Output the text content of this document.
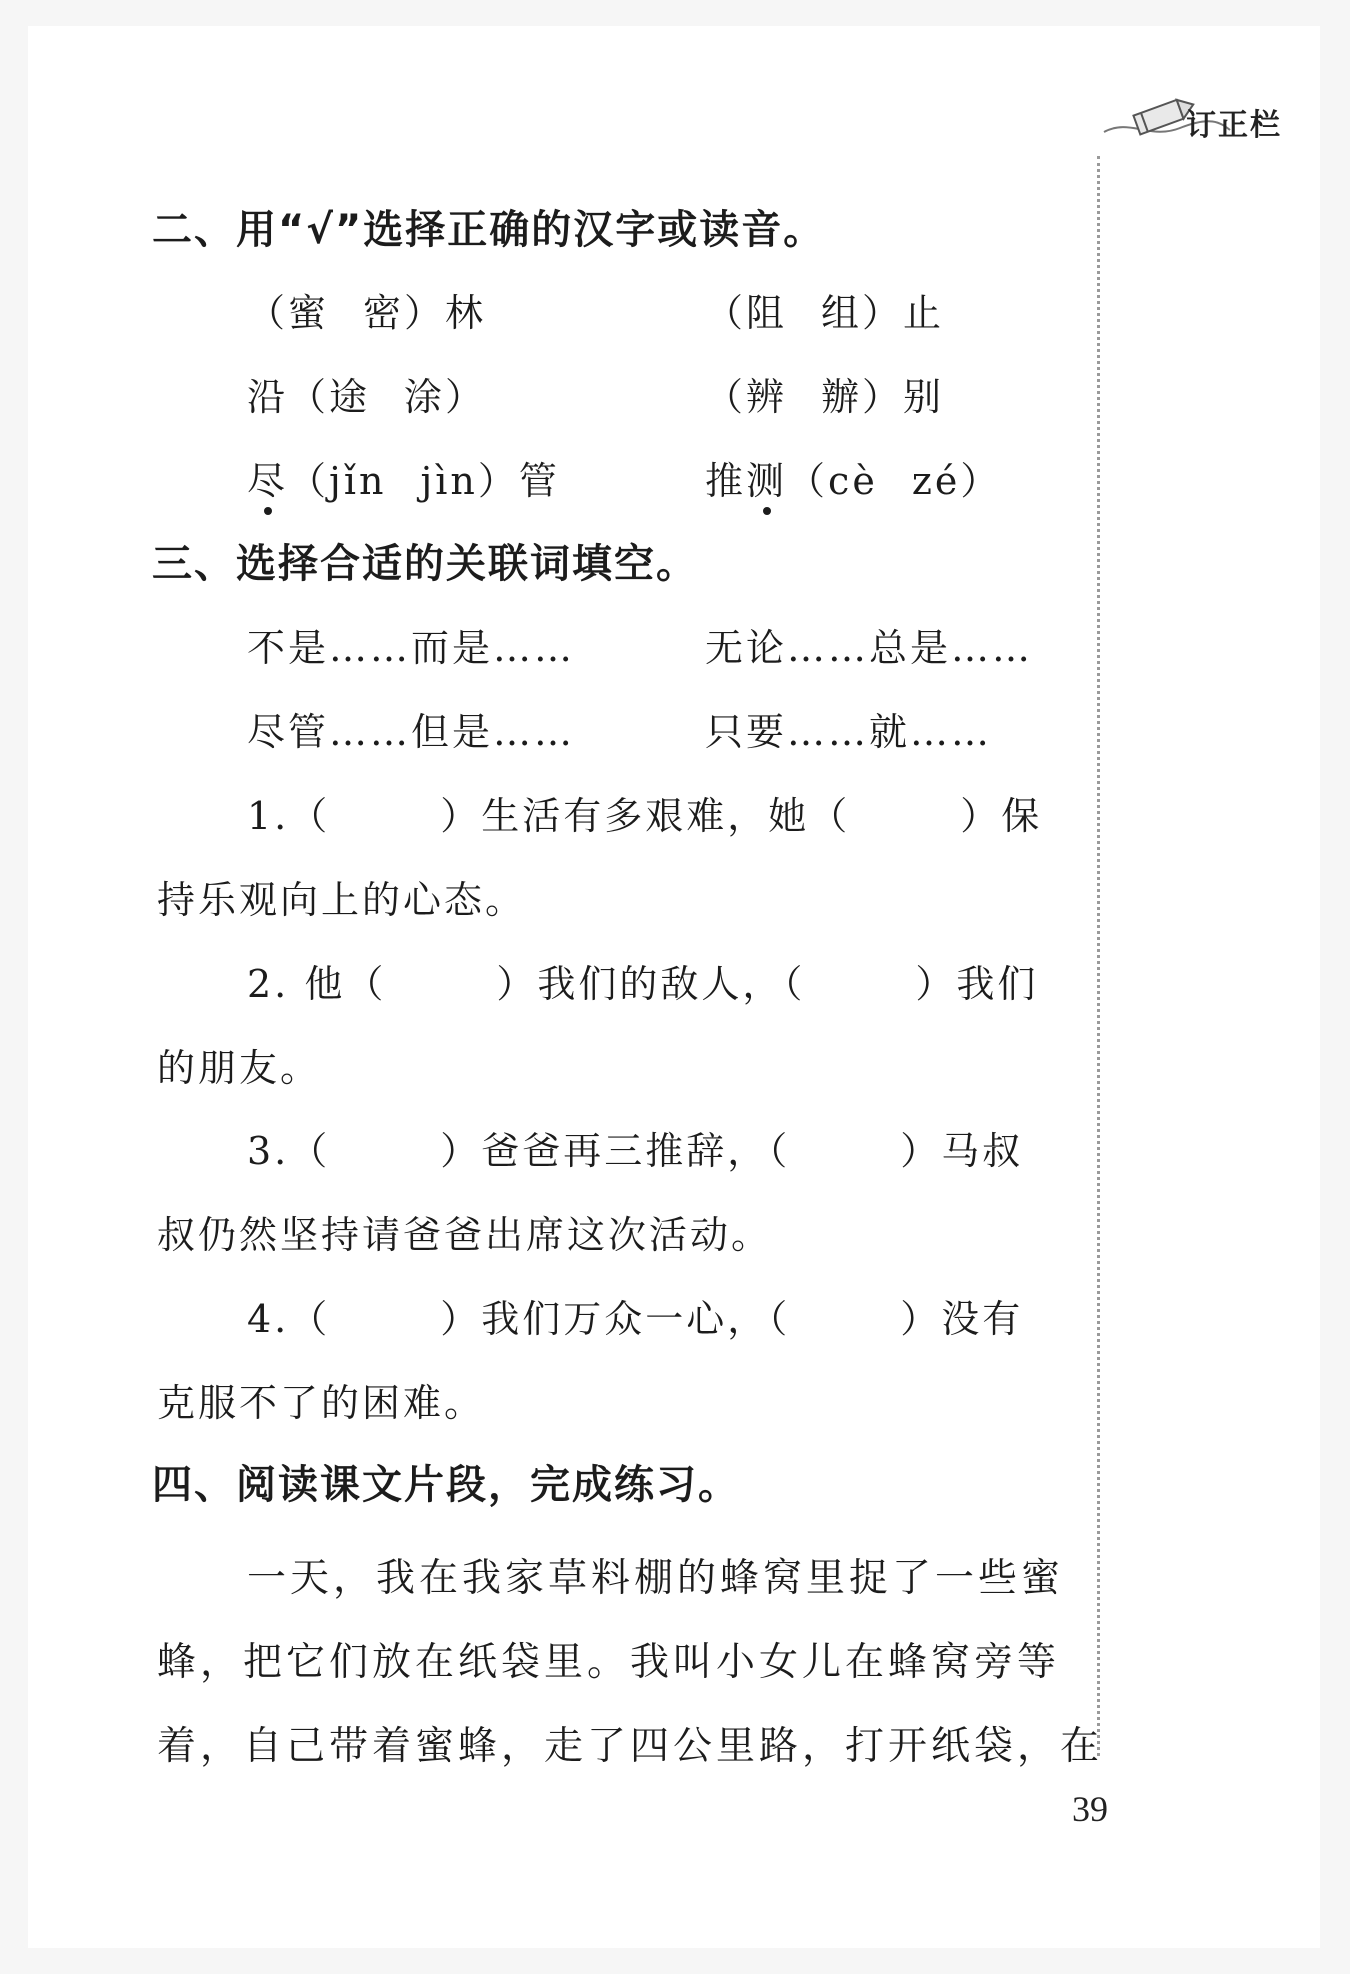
订正栏
二、用“√”选择正确的汉字或读音。
（蜜 密）林	（阻 组）止
沿（途 涂）	（辨 辦）别
尽（jǐn jìn）管	推测（cè zé）
三、选择合适的关联词填空。
不是……而是……	无论……总是……
尽管……但是……	只要……就……
1.（	）生活有多艰难，她（	）保
持乐观向上的心态。
2. 他（	）我们的敌人，（	）我们
的朋友。
3.（	）爸爸再三推辞，（	）马叔
叔仍然坚持请爸爸出席这次活动。
4.（	）我们万众一心，（	）没有
克服不了的困难。
四、阅读课文片段，完成练习。
一天，我在我家草料棚的蜂窝里捉了一些蜜
蜂，把它们放在纸袋里。我叫小女儿在蜂窝旁等
着，自己带着蜜蜂，走了四公里路，打开纸袋，在
39
